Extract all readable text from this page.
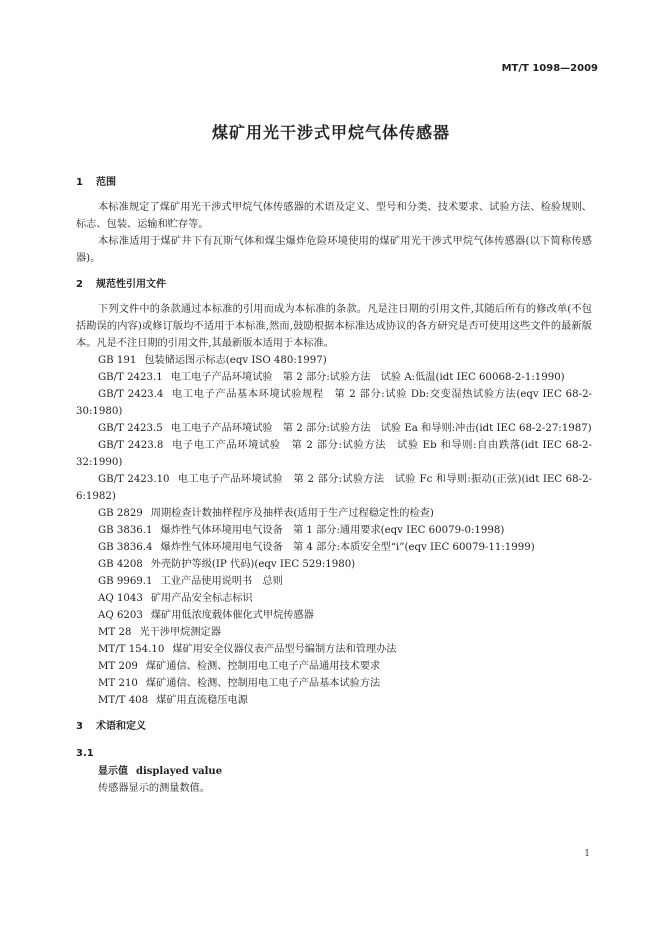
MT/T 1098—2009
煤矿用光干涉式甲烷气体传感器
1 范围

本标准规定了煤矿用光干涉式甲烷气体传感器的术语及定义、型号和分类、技术要求、试验方法、检验规则、标志、包装、运输和贮存等。

本标准适用于煤矿井下有瓦斯气体和煤尘爆炸危险环境使用的煤矿用光干涉式甲烷气体传感器(以下简称传感器)。

2 规范性引用文件

下列文件中的条款通过本标准的引用而成为本标准的条款。凡是注日期的引用文件,其随后所有的修改单(不包括勘误的内容)或修订版均不适用于本标准,然而,鼓励根据本标准达成协议的各方研究是否可使用这些文件的最新版本。凡是不注日期的引用文件,其最新版本适用于本标准。

GB 191 包装储运图示标志(eqv ISO 480:1997)

GB/T 2423.1 电工电子产品环境试验　第 2 部分:试验方法　试验 A:低温(idt IEC 60068-2-1:1990)

GB/T 2423.4 电工电子产品基本环境试验规程　第 2 部分:试验 Db:交变湿热试验方法(eqv IEC 68-2-30:1980)

GB/T 2423.5 电工电子产品环境试验　第 2 部分:试验方法　试验 Ea 和导则:冲击(idt IEC 68-2-27:1987)

GB/T 2423.8 电子电工产品环境试验　第 2 部分:试验方法　试验 Eb 和导则:自由跌落(idt IEC 68-2-32:1990)

GB/T 2423.10 电工电子产品环境试验　第 2 部分:试验方法　试验 Fc 和导则:振动(正弦)(idt IEC 68-2-6:1982)

GB 2829 周期检查计数抽样程序及抽样表(适用于生产过程稳定性的检查)

GB 3836.1 爆炸性气体环境用电气设备　第 1 部分:通用要求(eqv IEC 60079-0:1998)

GB 3836.4 爆炸性气体环境用电气设备　第 4 部分:本质安全型“i”(eqv IEC 60079-11:1999)

GB 4208 外壳防护等级(IP 代码)(eqv IEC 529:1980)

GB 9969.1 工业产品使用说明书　总则

AQ 1043 矿用产品安全标志标识

AQ 6203 煤矿用低浓度载体催化式甲烷传感器

MT 28 光干涉甲烷测定器

MT/T 154.10 煤矿用安全仪器仪表产品型号编制方法和管理办法

MT 209 煤矿通信、检测、控制用电工电子产品通用技术要求

MT 210 煤矿通信、检测、控制用电工电子产品基本试验方法

MT/T 408 煤矿用直流稳压电源

3 术语和定义
3.1

显示值 displayed value

传感器显示的测量数值。

1
